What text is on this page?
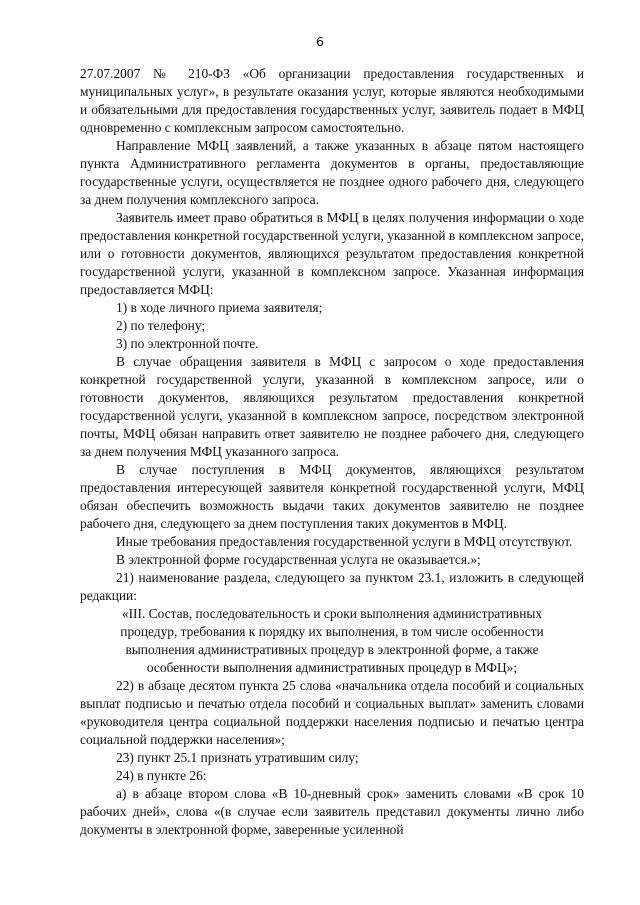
6

27.07.2007 № 210-ФЗ «Об организации предоставления государственных и муниципальных услуг», в результате оказания услуг, которые являются необходимыми и обязательными для предоставления государственных услуг, заявитель подает в МФЦ одновременно с комплексным запросом самостоятельно.

Направление МФЦ заявлений, а также указанных в абзаце пятом настоящего пункта Административного регламента документов в органы, предоставляющие государственные услуги, осуществляется не позднее одного рабочего дня, следующего за днем получения комплексного запроса.

Заявитель имеет право обратиться в МФЦ в целях получения информации о ходе предоставления конкретной государственной услуги, указанной в комплексном запросе, или о готовности документов, являющихся результатом предоставления конкретной государственной услуги, указанной в комплексном запросе. Указанная информация предоставляется МФЦ:

1) в ходе личного приема заявителя;

2) по телефону;

3) по электронной почте.

В случае обращения заявителя в МФЦ с запросом о ходе предоставления конкретной государственной услуги, указанной в комплексном запросе, или о готовности документов, являющихся результатом предоставления конкретной государственной услуги, указанной в комплексном запросе, посредством электронной почты, МФЦ обязан направить ответ заявителю не позднее рабочего дня, следующего за днем получения МФЦ указанного запроса.

В случае поступления в МФЦ документов, являющихся результатом предоставления интересующей заявителя конкретной государственной услуги, МФЦ обязан обеспечить возможность выдачи таких документов заявителю не позднее рабочего дня, следующего за днем поступления таких документов в МФЦ.

Иные требования предоставления государственной услуги в МФЦ отсутствуют.

В электронной форме государственная услуга не оказывается.»;

21) наименование раздела, следующего за пунктом 23.1, изложить в следующей редакции:

«III. Состав, последовательность и сроки выполнения административных процедур, требования к порядку их выполнения, в том числе особенности выполнения административных процедур в электронной форме, а также особенности выполнения административных процедур в МФЦ»;

22) в абзаце десятом пункта 25 слова «начальника отдела пособий и социальных выплат подписью и печатью отдела пособий и социальных выплат» заменить словами «руководителя центра социальной поддержки населения подписью и печатью центра социальной поддержки населения»;

23) пункт 25.1 признать утратившим силу;

24) в пункте 26:

а) в абзаце втором слова «В 10-дневный срок» заменить словами «В срок 10 рабочих дней», слова «(в случае если заявитель представил документы лично либо документы в электронной форме, заверенные усиленной
